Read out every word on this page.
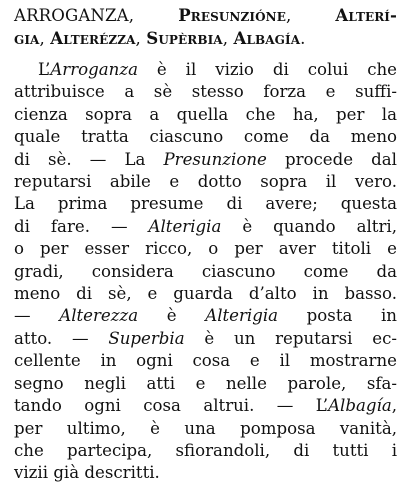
ARROGANZA, Presunzióne, Alterí-
gia, Alterézza, Supèrbia, Albagía.
L’Arroganza è il vizio di colui che
attribuisce a sè stesso forza e suffi-
cienza sopra a quella che ha, per la
quale tratta ciascuno come da meno
di sè. — La Presunzione procede dal
reputarsi abile e dotto sopra il vero.
La prima presume di avere; questa
di fare. — Alterigia è quando altri,
o per esser ricco, o per aver titoli e
gradi, considera ciascuno come da
meno di sè, e guarda d’alto in basso.
— Alterezza è Alterigia posta in
atto. — Superbia è un reputarsi ec-
cellente in ogni cosa e il mostrarne
segno negli atti e nelle parole, sfa-
tando ogni cosa altrui. — L’Albagía,
per ultimo, è una pomposa vanità,
che partecipa, sfiorandoli, di tutti i
vizii già descritti.
